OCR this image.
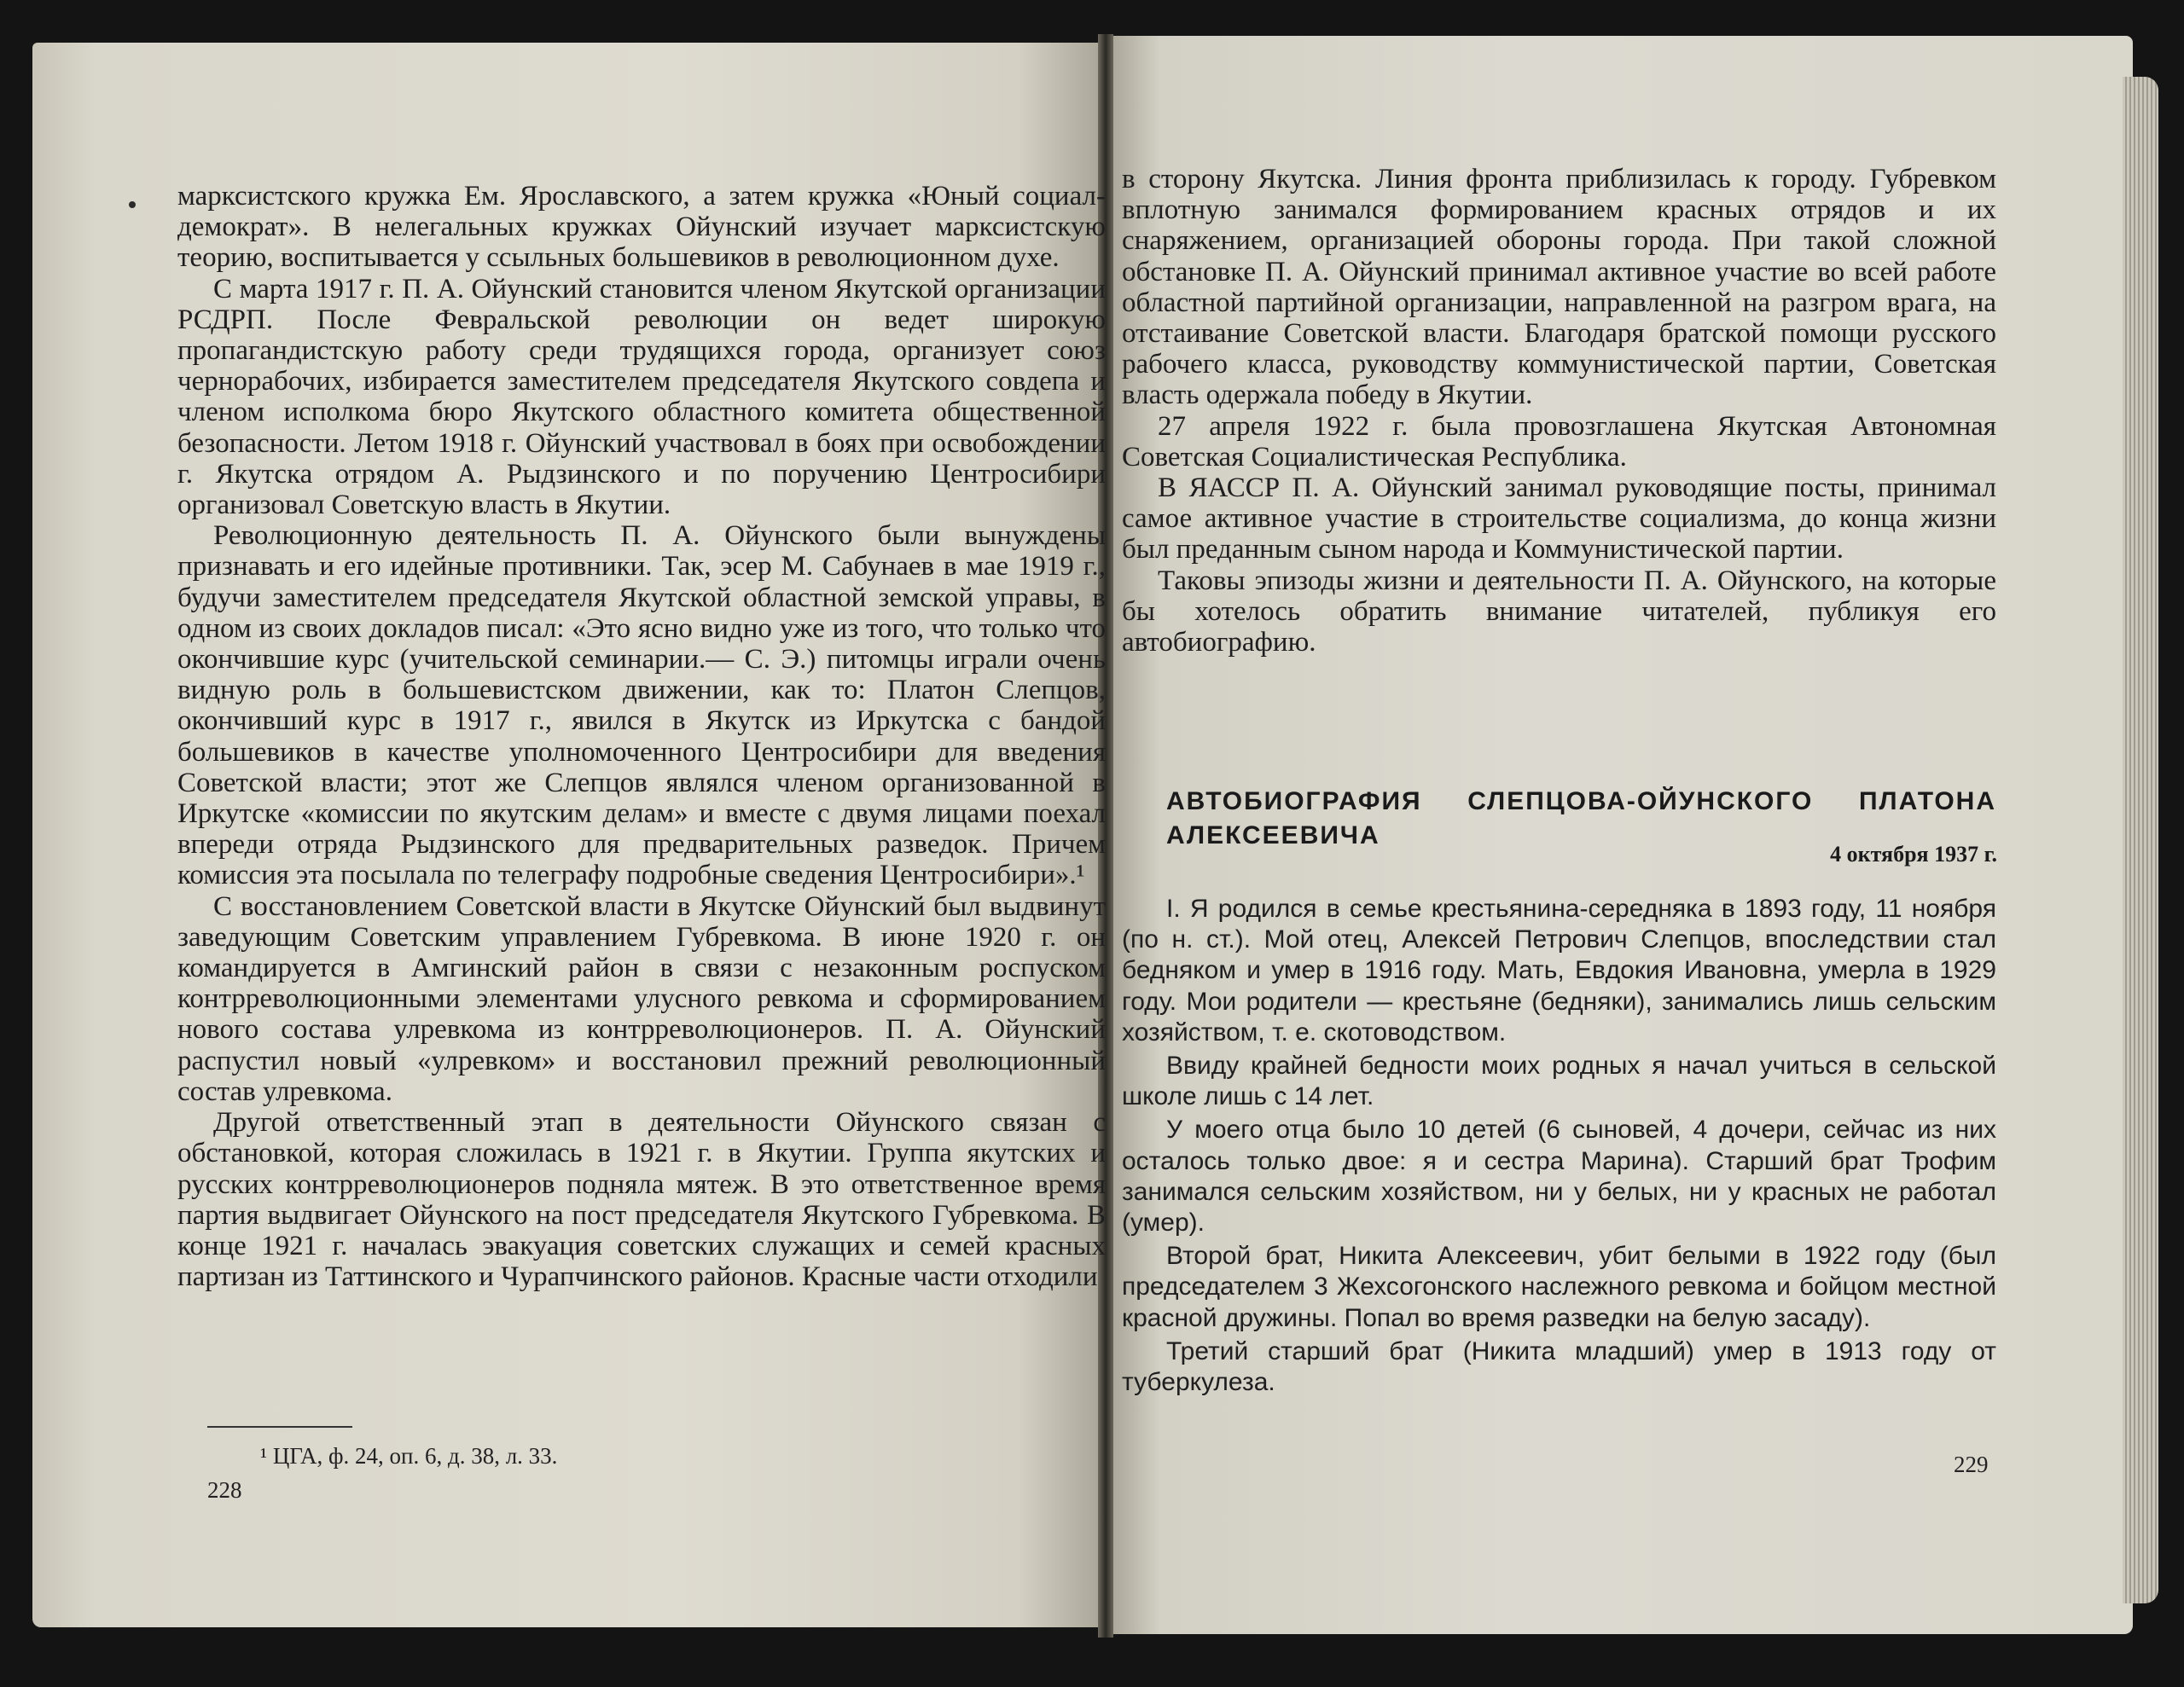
марксистского кружка Ем. Ярославского, а затем кружка «Юный социал-демократ». В нелегальных кружках Ойунский изучает марксистскую теорию, воспитывается у ссыльных большевиков в революционном духе.

С марта 1917 г. П. А. Ойунский становится членом Якутской организации РСДРП. После Февральской революции он ведет широкую пропагандистскую работу среди трудящихся города, организует союз чернорабочих, избирается заместителем председателя Якутского совдепа и членом исполкома бюро Якутского областного комитета общественной безопасности. Летом 1918 г. Ойунский участвовал в боях при освобождении г. Якутска отрядом А. Рыдзинского и по поручению Центросибири организовал Советскую власть в Якутии.

Революционную деятельность П. А. Ойунского были вынуждены признавать и его идейные противники. Так, эсер М. Сабунаев в мае 1919 г., будучи заместителем председателя Якутской областной земской управы, в одном из своих докладов писал: «Это ясно видно уже из того, что только что окончившие курс (учительской семинарии.— С. Э.) питомцы играли очень видную роль в большевистском движении, как то: Платон Слепцов, окончивший курс в 1917 г., явился в Якутск из Иркутска с бандой большевиков в качестве уполномоченного Центросибири для введения Советской власти; этот же Слепцов являлся членом организованной в Иркутске «комиссии по якутским делам» и вместе с двумя лицами поехал впереди отряда Рыдзинского для предварительных разведок. Причем комиссия эта посылала по телеграфу подробные сведения Центросибири».¹

С восстановлением Советской власти в Якутске Ойунский был выдвинут заведующим Советским управлением Губревкома. В июне 1920 г. он командируется в Амгинский район в связи с незаконным роспуском контрреволюционными элементами улусного ревкома и сформированием нового состава улревкома из контрреволюционеров. П. А. Ойунский распустил новый «улревком» и восстановил прежний революционный состав улревкома.

Другой ответственный этап в деятельности Ойунского связан с обстановкой, которая сложилась в 1921 г. в Якутии. Группа якутских и русских контрреволюционеров подняла мятеж. В это ответственное время партия выдвигает Ойунского на пост председателя Якутского Губревкома. В конце 1921 г. началась эвакуация советских служащих и семей красных партизан из Таттинского и Чурапчинского районов. Красные части отходили

¹ ЦГА, ф. 24, оп. 6, д. 38, л. 33.
228

в сторону Якутска. Линия фронта приблизилась к городу. Губревком вплотную занимался формированием красных отрядов и их снаряжением, организацией обороны города. При такой сложной обстановке П. А. Ойунский принимал активное участие во всей работе областной партийной организации, направленной на разгром врага, на отстаивание Советской власти. Благодаря братской помощи русского рабочего класса, руководству коммунистической партии, Советская власть одержала победу в Якутии.

27 апреля 1922 г. была провозглашена Якутская Автономная Советская Социалистическая Республика.

В ЯАССР П. А. Ойунский занимал руководящие посты, принимал самое активное участие в строительстве социализма, до конца жизни был преданным сыном народа и Коммунистической партии.

Таковы эпизоды жизни и деятельности П. А. Ойунского, на которые бы хотелось обратить внимание читателей, публикуя его автобиографию.

АВТОБИОГРАФИЯ СЛЕПЦОВА-ОЙУНСКОГО ПЛАТОНА АЛЕКСЕЕВИЧА
4 октября 1937 г.

I. Я родился в семье крестьянина-середняка в 1893 году, 11 ноября (по н. ст.). Мой отец, Алексей Петрович Слепцов, впоследствии стал бедняком и умер в 1916 году. Мать, Евдокия Ивановна, умерла в 1929 году. Мои родители — крестьяне (бедняки), занимались лишь сельским хозяйством, т. е. скотоводством.

Ввиду крайней бедности моих родных я начал учиться в сельской школе лишь с 14 лет.

У моего отца было 10 детей (6 сыновей, 4 дочери, сейчас из них осталось только двое: я и сестра Марина). Старший брат Трофим занимался сельским хозяйством, ни у белых, ни у красных не работал (умер).

Второй брат, Никита Алексеевич, убит белыми в 1922 году (был председателем 3 Жехсогонского наслежного ревкома и бойцом местной красной дружины. Попал во время разведки на белую засаду).

Третий старший брат (Никита младший) умер в 1913 году от туберкулеза.

229
